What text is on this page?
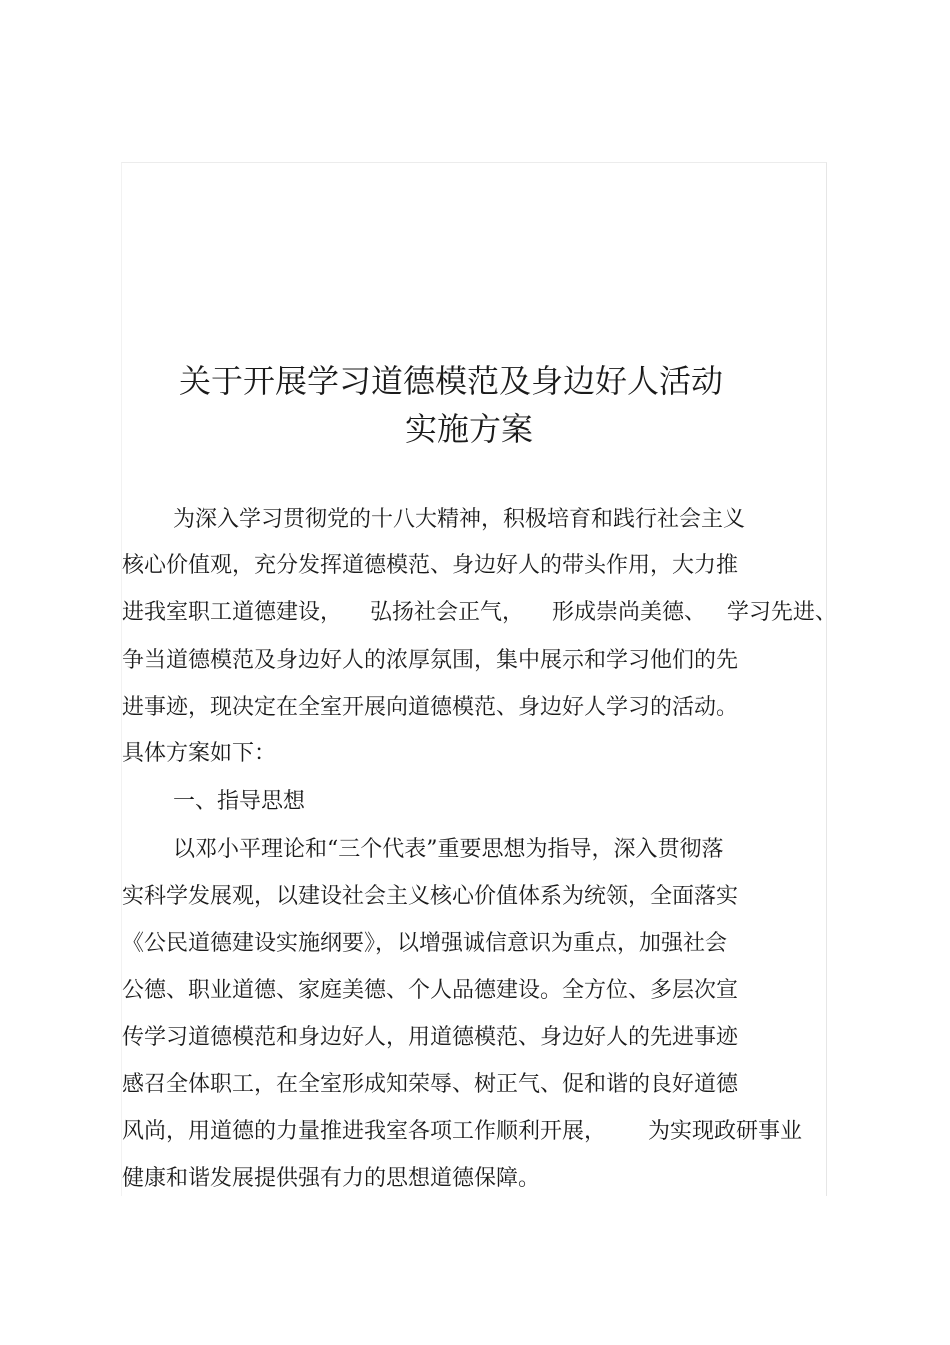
关于开展学习道德模范及身边好人活动
实施方案
为深入学习贯彻党的十八大精神，积极培育和践行社会主义
核心价值观，充分发挥道德模范、身边好人的带头作用，大力推
进我室职工道德建设，    弘扬社会正气，    形成崇尚美德、   学习先进、
争当道德模范及身边好人的浓厚氛围，集中展示和学习他们的先
进事迹，现决定在全室开展向道德模范、身边好人学习的活动。
具体方案如下：
一、指导思想
以邓小平理论和“三个代表”重要思想为指导，深入贯彻落
实科学发展观，以建设社会主义核心价值体系为统领，全面落实
《公民道德建设实施纲要》，以增强诚信意识为重点，加强社会
公德、职业道德、家庭美德、个人品德建设。全方位、多层次宣
传学习道德模范和身边好人，用道德模范、身边好人的先进事迹
感召全体职工，在全室形成知荣辱、树正气、促和谐的良好道德
风尚，用道德的力量推进我室各项工作顺利开展，      为实现政研事业
健康和谐发展提供强有力的思想道德保障。
